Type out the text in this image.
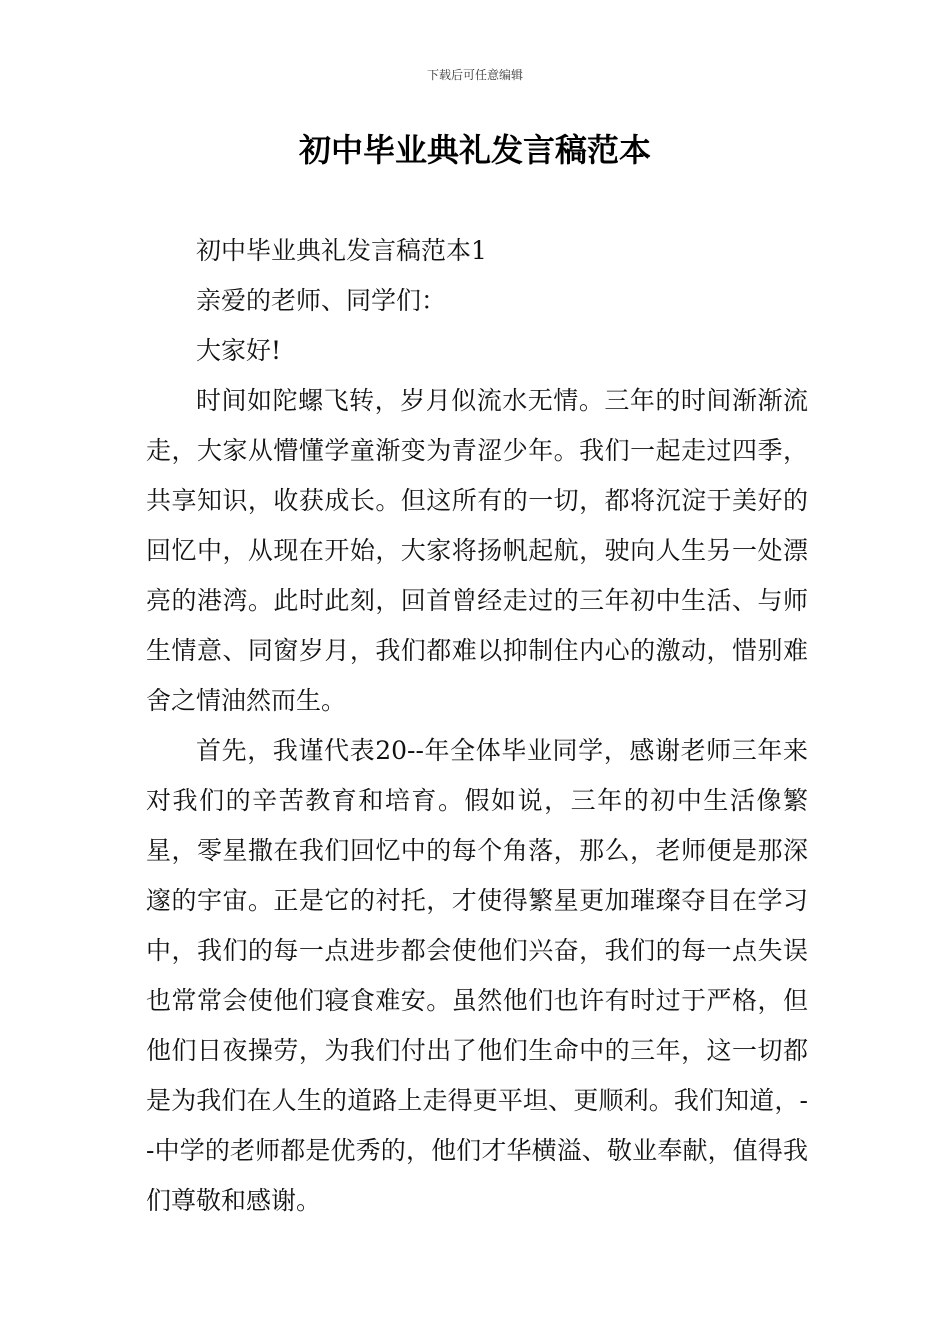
下载后可任意编辑
初中毕业典礼发言稿范本

初中毕业典礼发言稿范本1

亲爱的老师、同学们：

大家好!

时间如陀螺飞转，岁月似流水无情。三年的时间渐渐流走，大家从懵懂学童渐变为青涩少年。我们一起走过四季，共享知识，收获成长。但这所有的一切，都将沉淀于美好的回忆中，从现在开始，大家将扬帆起航，驶向人生另一处漂亮的港湾。此时此刻，回首曾经走过的三年初中生活、与师生情意、同窗岁月，我们都难以抑制住内心的激动，惜别难舍之情油然而生。

首先，我谨代表20--年全体毕业同学，感谢老师三年来对我们的辛苦教育和培育。假如说，三年的初中生活像繁星，零星撒在我们回忆中的每个角落，那么，老师便是那深邃的宇宙。正是它的衬托，才使得繁星更加璀璨夺目在学习中，我们的每一点进步都会使他们兴奋，我们的每一点失误也常常会使他们寝食难安。虽然他们也许有时过于严格，但他们日夜操劳，为我们付出了他们生命中的三年，这一切都是为我们在人生的道路上走得更平坦、更顺利。我们知道，--中学的老师都是优秀的，他们才华横溢、敬业奉献，值得我们尊敬和感谢。
